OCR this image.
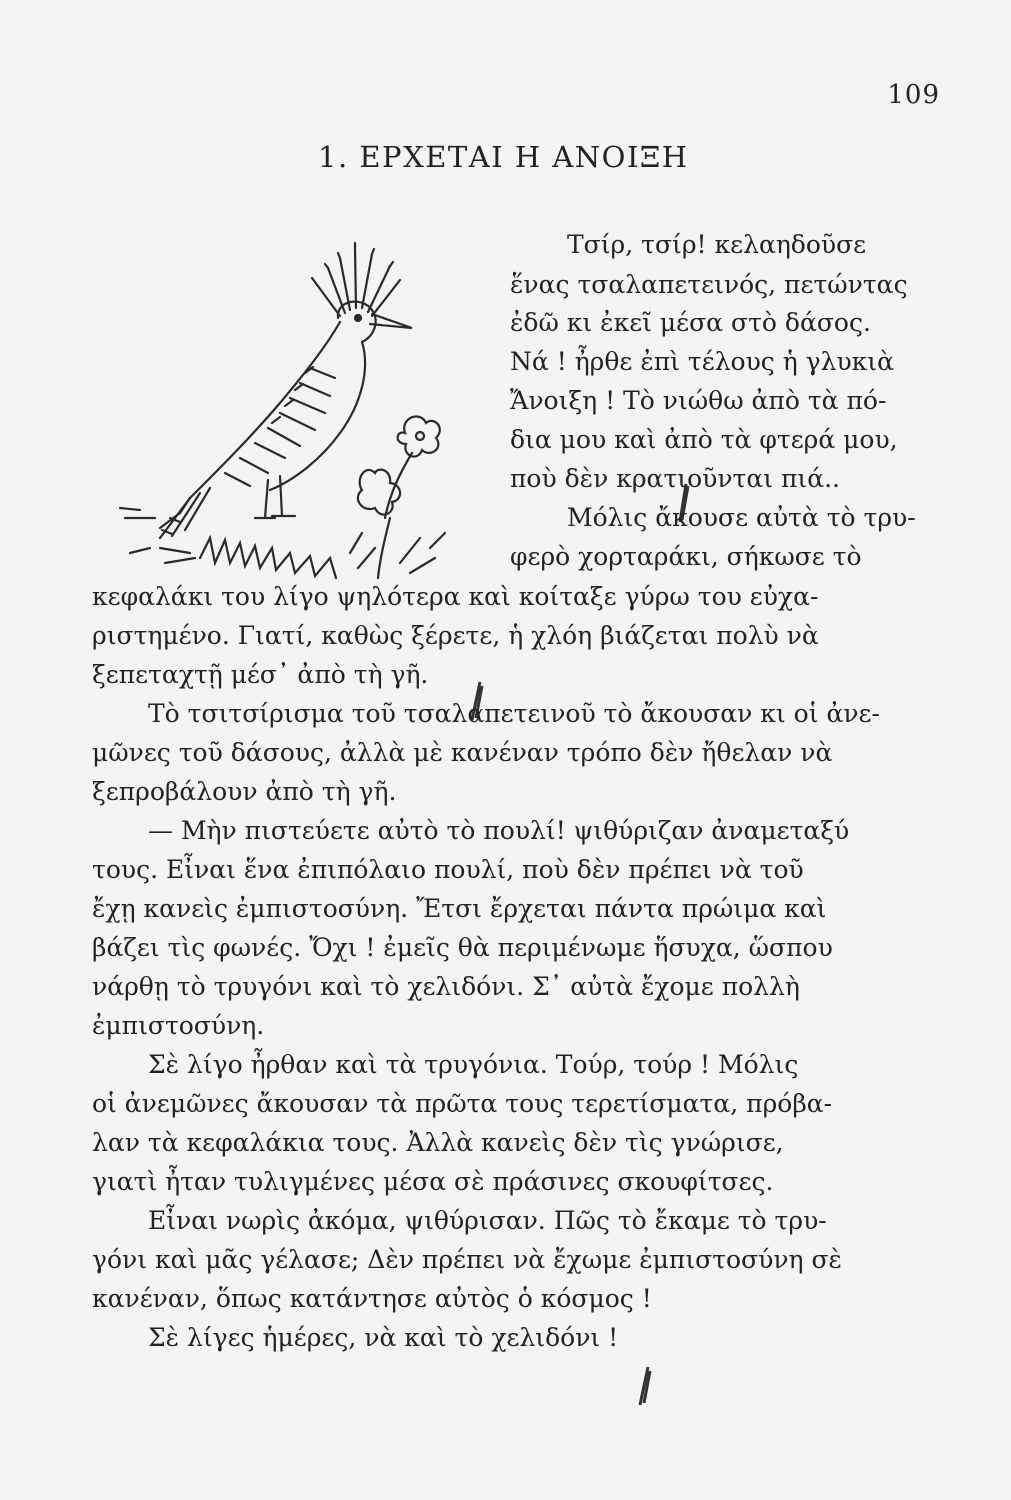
109
1. ΕΡΧΕΤΑΙ Η ΑΝΟΙΞΗ
Τσίρ, τσίρ! κελαηδοῦσε
ἕνας τσαλαπετεινός, πετώντας
ἐδῶ κι ἐκεῖ μέσα στὸ δάσος.
Νά ! ἦρθε ἐπὶ τέλους ἡ γλυκιὰ
Ἄνοιξη ! Τὸ νιώθω ἀπὸ τὰ πό-
δια μου καὶ ἀπὸ τὰ φτερά μου,
ποὺ δὲν κρατιοῦνται πιά..
Μόλις ἄκουσε αὐτὰ τὸ τρυ-
φερὸ χορταράκι, σήκωσε τὸ
κεφαλάκι του λίγο ψηλότερα καὶ κοίταξε γύρω του εὐχα-
ριστημένο. Γιατί, καθὼς ξέρετε, ἡ χλόη βιάζεται πολὺ νὰ
ξεπεταχτῇ μέσ᾿ ἀπὸ τὴ γῆ.
Τὸ τσιτσίρισμα τοῦ τσαλαπετεινοῦ τὸ ἄκουσαν κι οἱ ἀνε-
μῶνες τοῦ δάσους, ἀλλὰ μὲ κανέναν τρόπο δὲν ἤθελαν νὰ
ξεπροβάλουν ἀπὸ τὴ γῆ.
— Μὴν πιστεύετε αὐτὸ τὸ πουλί! ψιθύριζαν ἀναμεταξύ
τους. Εἶναι ἕνα ἐπιπόλαιο πουλί, ποὺ δὲν πρέπει νὰ τοῦ
ἔχῃ κανεὶς ἐμπιστοσύνη. Ἔτσι ἔρχεται πάντα πρώιμα καὶ
βάζει τὶς φωνές. Ὄχι ! ἐμεῖς θὰ περιμένωμε ἥσυχα, ὥσπου
νάρθῃ τὸ τρυγόνι καὶ τὸ χελιδόνι. Σ᾿ αὐτὰ ἔχομε πολλὴ
ἐμπιστοσύνη.
Σὲ λίγο ἦρθαν καὶ τὰ τρυγόνια. Τούρ, τούρ ! Μόλις
οἱ ἀνεμῶνες ἄκουσαν τὰ πρῶτα τους τερετίσματα, πρόβα-
λαν τὰ κεφαλάκια τους. Ἀλλὰ κανεὶς δὲν τὶς γνώρισε,
γιατὶ ἦταν τυλιγμένες μέσα σὲ πράσινες σκουφίτσες.
Εἶναι νωρὶς ἀκόμα, ψιθύρισαν. Πῶς τὸ ἔκαμε τὸ τρυ-
γόνι καὶ μᾶς γέλασε; Δὲν πρέπει νὰ ἔχωμε ἐμπιστοσύνη σὲ
κανέναν, ὅπως κατάντησε αὐτὸς ὁ κόσμος !
Σὲ λίγες ἡμέρες, νὰ καὶ τὸ χελιδόνι !
